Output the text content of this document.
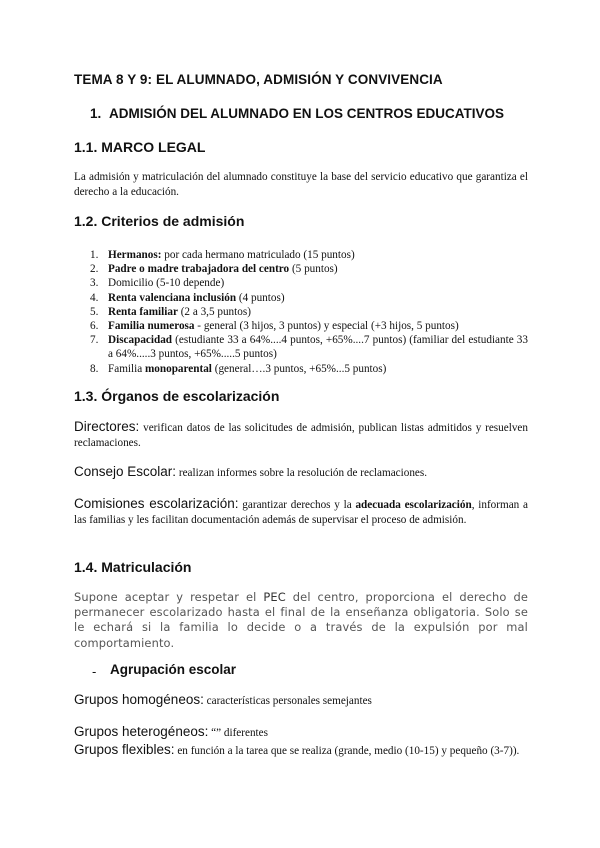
TEMA 8 Y 9: EL ALUMNADO, ADMISIÓN Y CONVIVENCIA
1. ADMISIÓN DEL ALUMNADO EN LOS CENTROS EDUCATIVOS
1.1. MARCO LEGAL

La admisión y matriculación del alumnado constituye la base del servicio educativo que garantiza el derecho a la educación.

1.2. Criterios de admisión
1. Hermanos: por cada hermano matriculado (15 puntos)
2. Padre o madre trabajadora del centro (5 puntos)
3. Domicilio (5-10 depende)
4. Renta valenciana inclusión (4 puntos)
5. Renta familiar (2 a 3,5 puntos)
6. Familia numerosa - general (3 hijos, 3 puntos) y especial (+3 hijos, 5 puntos)
7. Discapacidad (estudiante 33 a 64%....4 puntos, +65%....7 puntos) (familiar del estudiante 33 a 64%.....3 puntos, +65%.....5 puntos)
8. Familia monoparental (general….3 puntos, +65%...5 puntos)
1.3. Órganos de escolarización

Directores: verifican datos de las solicitudes de admisión, publican listas admitidos y resuelven reclamaciones.

Consejo Escolar: realizan informes sobre la resolución de reclamaciones.

Comisiones escolarización: garantizar derechos y la adecuada escolarización, informan a las familias y les facilitan documentación además de supervisar el proceso de admisión.

1.4. Matriculación

Supone aceptar y respetar el PEC del centro, proporciona el derecho de permanecer escolarizado hasta el final de la enseñanza obligatoria. Solo se le echará si la familia lo decide o a través de la expulsión por mal comportamiento.

- Agrupación escolar

Grupos homogéneos: características personales semejantes

Grupos heterogéneos: “” diferentes

Grupos flexibles: en función a la tarea que se realiza (grande, medio (10-15) y pequeño (3-7)).
